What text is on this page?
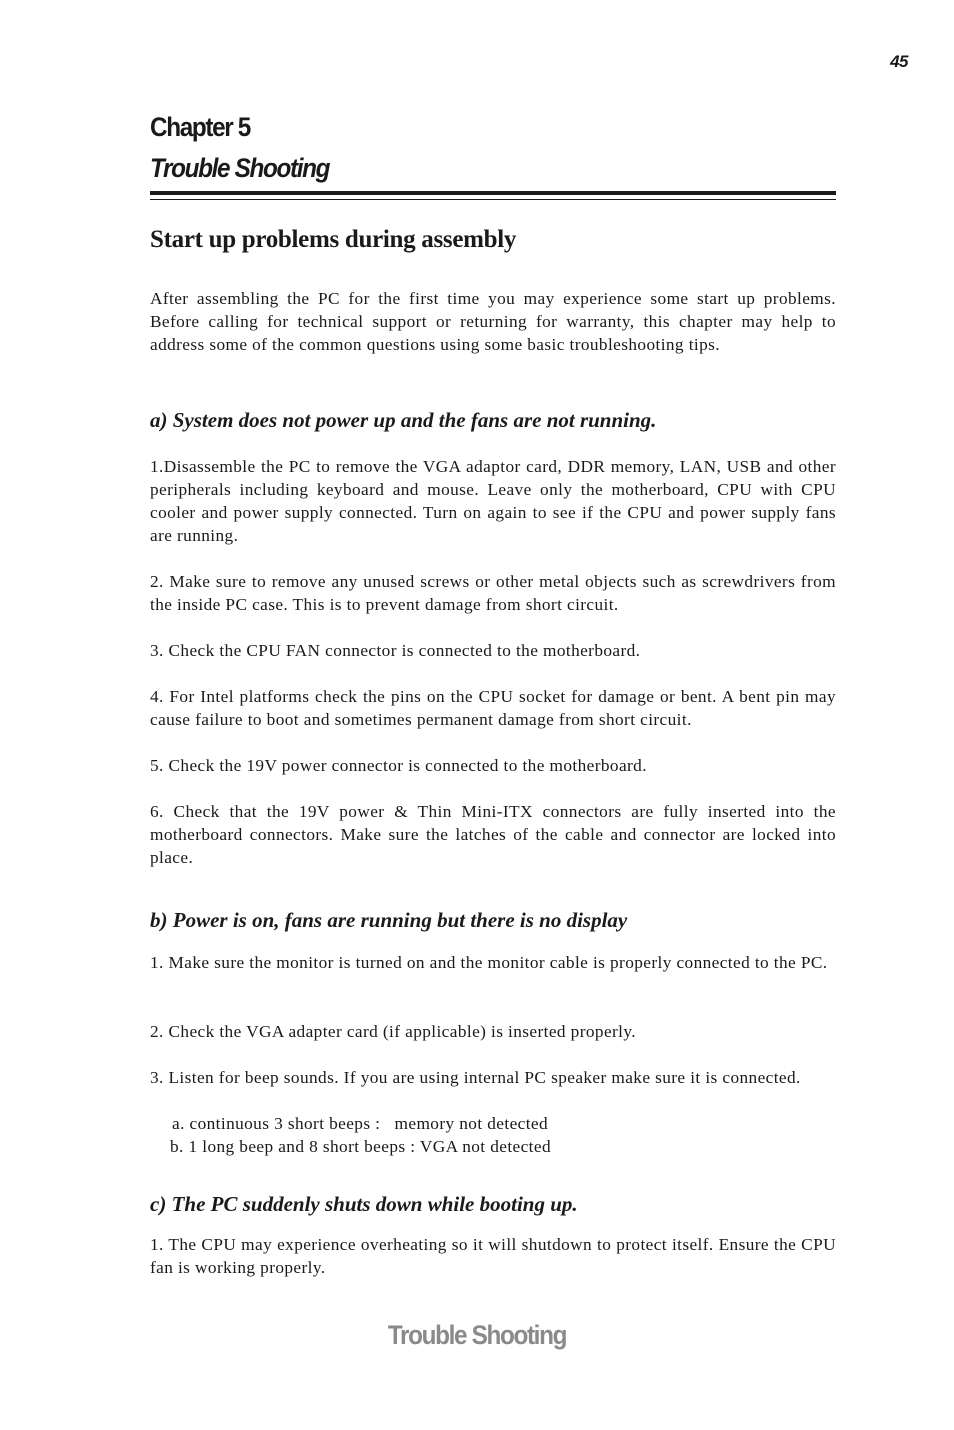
45
Chapter 5
Trouble Shooting
Start up problems during assembly

After assembling the PC for the first time you may experience some start up problems. Before calling for technical support or returning for warranty, this chapter may help to address some of the common questions using some basic troubleshooting tips.

a) System does not power up and the fans are not running.

1.Disassemble the PC to remove the VGA adaptor card, DDR memory, LAN, USB and other peripherals including keyboard and mouse. Leave only the motherboard, CPU with CPU cooler and power supply connected. Turn on again to see if the CPU and power supply fans are running.

2. Make sure to remove any unused screws or other metal objects such as screwdrivers from the inside PC case. This is to prevent damage from short circuit.

3. Check the CPU FAN connector is connected to the motherboard.

4. For Intel platforms check the pins on the CPU socket for damage or bent. A bent pin may cause failure to boot and sometimes permanent damage from short circuit.

5. Check the 19V power connector is connected to the motherboard.

6. Check that the 19V power & Thin Mini-ITX connectors are fully inserted into the motherboard connectors. Make sure the latches of the cable and connector are locked into place.

b) Power is on, fans are running but there is no display

1. Make sure the monitor is turned on and the monitor cable is properly connected to the PC.

2. Check the VGA adapter card (if applicable) is inserted properly.

3. Listen for beep sounds. If you are using internal PC speaker make sure it is connected.

a. continuous 3 short beeps :   memory not detected
b. 1 long beep and 8 short beeps : VGA not detected
c) The PC suddenly shuts down while booting up.

1. The CPU may experience overheating so it will shutdown to protect itself. Ensure the CPU fan is working properly.

Trouble Shooting
